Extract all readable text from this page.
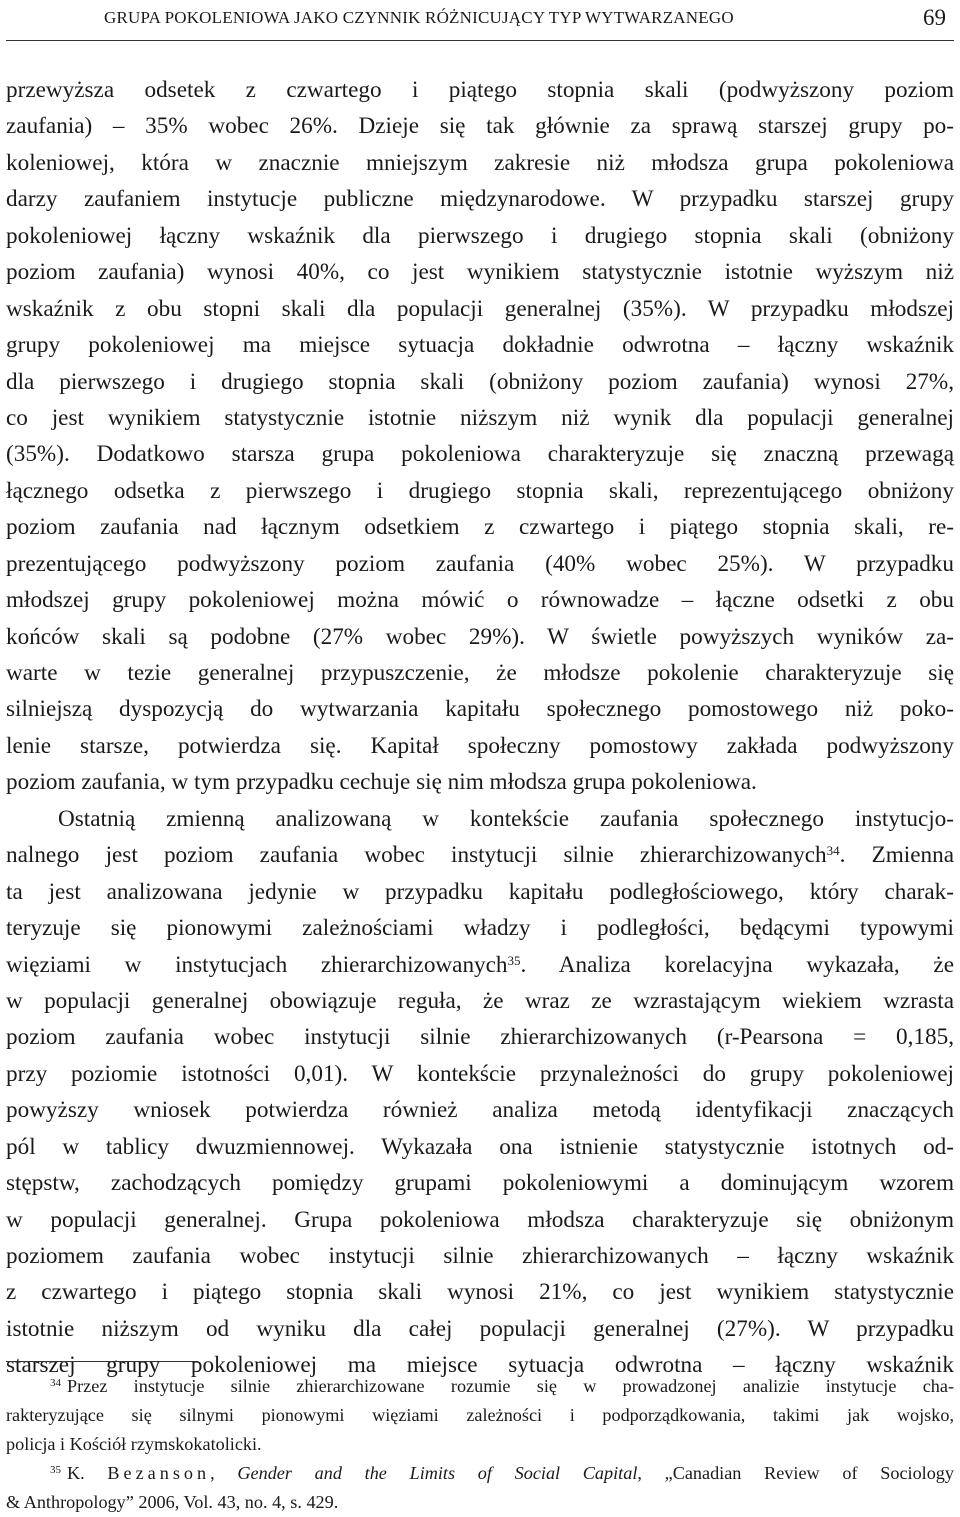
GRUPA POKOLENIOWA JAKO CZYNNIK RÓŻNICUJĄCY TYP WYTWARZANEGO	69
przewyższa odsetek z czwartego i piątego stopnia skali (podwyższony poziom
zaufania) – 35% wobec 26%. Dzieje się tak głównie za sprawą starszej grupy po-
koleniowej, która w znacznie mniejszym zakresie niż młodsza grupa pokoleniowa
darzy zaufaniem instytucje publiczne międzynarodowe. W przypadku starszej grupy
pokoleniowej łączny wskaźnik dla pierwszego i drugiego stopnia skali (obniżony
poziom zaufania) wynosi 40%, co jest wynikiem statystycznie istotnie wyższym niż
wskaźnik z obu stopni skali dla populacji generalnej (35%). W przypadku młodszej
grupy pokoleniowej ma miejsce sytuacja dokładnie odwrotna – łączny wskaźnik
dla pierwszego i drugiego stopnia skali (obniżony poziom zaufania) wynosi 27%,
co jest wynikiem statystycznie istotnie niższym niż wynik dla populacji generalnej
(35%). Dodatkowo starsza grupa pokoleniowa charakteryzuje się znaczną przewagą
łącznego odsetka z pierwszego i drugiego stopnia skali, reprezentującego obniżony
poziom zaufania nad łącznym odsetkiem z czwartego i piątego stopnia skali, re-
prezentującego podwyższony poziom zaufania (40% wobec 25%). W przypadku
młodszej grupy pokoleniowej można mówić o równowadze – łączne odsetki z obu
końców skali są podobne (27% wobec 29%). W świetle powyższych wyników za-
warte w tezie generalnej przypuszczenie, że młodsze pokolenie charakteryzuje się
silniejszą dyspozycją do wytwarzania kapitału społecznego pomostowego niż poko-
lenie starsze, potwierdza się. Kapitał społeczny pomostowy zakłada podwyższony
poziom zaufania, w tym przypadku cechuje się nim młodsza grupa pokoleniowa.
Ostatnią zmienną analizowaną w kontekście zaufania społecznego instytucjo-
nalnego jest poziom zaufania wobec instytucji silnie zhierarchizowanych$^{34}$. Zmienna
ta jest analizowana jedynie w przypadku kapitału podległościowego, który charak-
teryzuje się pionowymi zależnościami władzy i podległości, będącymi typowymi
więziami w instytucjach zhierarchizowanych$^{35}$. Analiza korelacyjna wykazała, że
w populacji generalnej obowiązuje reguła, że wraz ze wzrastającym wiekiem wzrasta
poziom zaufania wobec instytucji silnie zhierarchizowanych (r-Pearsona = 0,185,
przy poziomie istotności 0,01). W kontekście przynależności do grupy pokoleniowej
powyższy wniosek potwierdza również analiza metodą identyfikacji znaczących
pól w tablicy dwuzmiennowej. Wykazała ona istnienie statystycznie istotnych od-
stępstw, zachodzących pomiędzy grupami pokoleniowymi a dominującym wzorem
w populacji generalnej. Grupa pokoleniowa młodsza charakteryzuje się obniżonym
poziomem zaufania wobec instytucji silnie zhierarchizowanych – łączny wskaźnik
z czwartego i piątego stopnia skali wynosi 21%, co jest wynikiem statystycznie
istotnie niższym od wyniku dla całej populacji generalnej (27%). W przypadku
starszej grupy pokoleniowej ma miejsce sytuacja odwrotna – łączny wskaźnik
$^{34}$ Przez instytucje silnie zhierarchizowane rozumie się w prowadzonej analizie instytucje cha-
rakteryzujące się silnymi pionowymi więziami zależności i podporządkowania, takimi jak wojsko,
policja i Kościół rzymskokatolicki.
$^{35}$ K. Bezanson, Gender and the Limits of Social Capital, „Canadian Review of Sociology
& Anthropology” 2006, Vol. 43, no. 4, s. 429.
